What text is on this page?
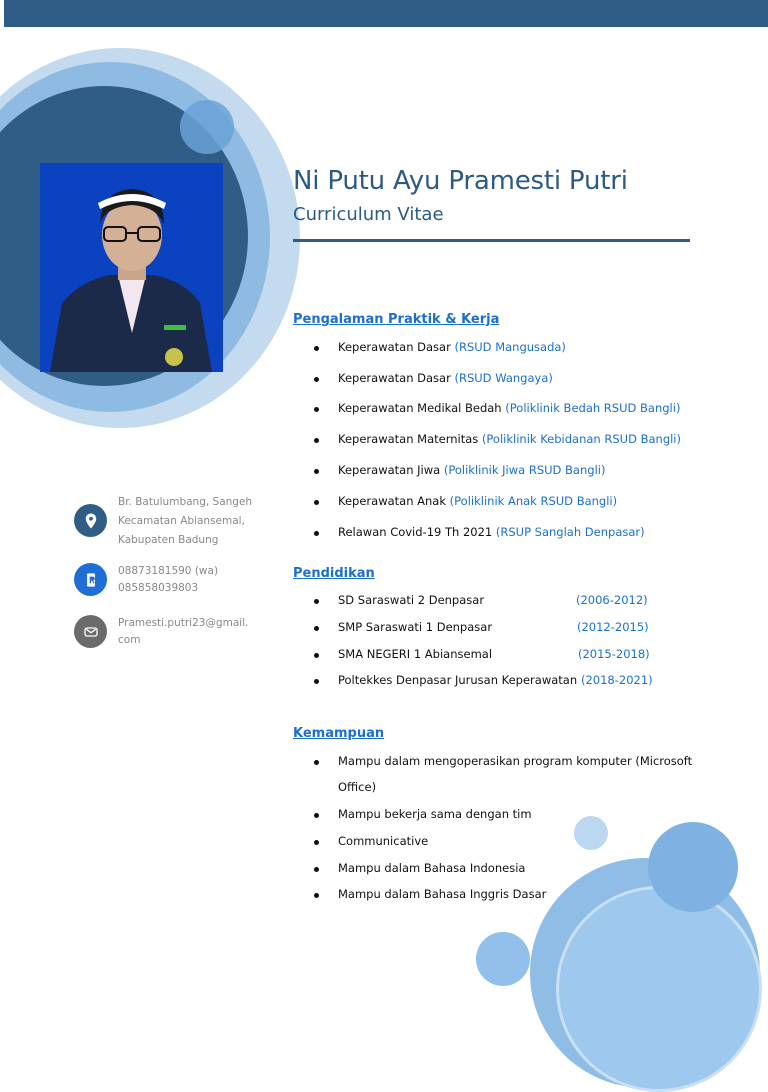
Ni Putu Ayu Pramesti Putri
Curriculum Vitae
Br. Batulumbang, Sangeh
Kecamatan Abiansemal,
Kabupaten Badung
08873181590 (wa)
085858039803
Pramesti.putri23@gmail.
com
Pengalaman Praktik & Kerja
Keperawatan Dasar (RSUD Mangusada)
Keperawatan Dasar (RSUD Wangaya)
Keperawatan Medikal Bedah (Poliklinik Bedah RSUD Bangli)
Keperawatan Maternitas (Poliklinik Kebidanan RSUD Bangli)
Keperawatan Jiwa (Poliklinik Jiwa RSUD Bangli)
Keperawatan Anak (Poliklinik Anak RSUD Bangli)
Relawan Covid-19 Th 2021 (RSUP Sanglah Denpasar)
Pendidikan
SD Saraswati 2 Denpasar	(2006-2012)
SMP Saraswati 1 Denpasar	(2012-2015)
SMA NEGERI 1 Abiansemal	(2015-2018)
Poltekkes Denpasar Jurusan Keperawatan (2018-2021)
Kemampuan
Mampu dalam mengoperasikan program komputer (Microsoft
Office)
Mampu bekerja sama dengan tim
Communicative
Mampu dalam Bahasa Indonesia
Mampu dalam Bahasa Inggris Dasar
